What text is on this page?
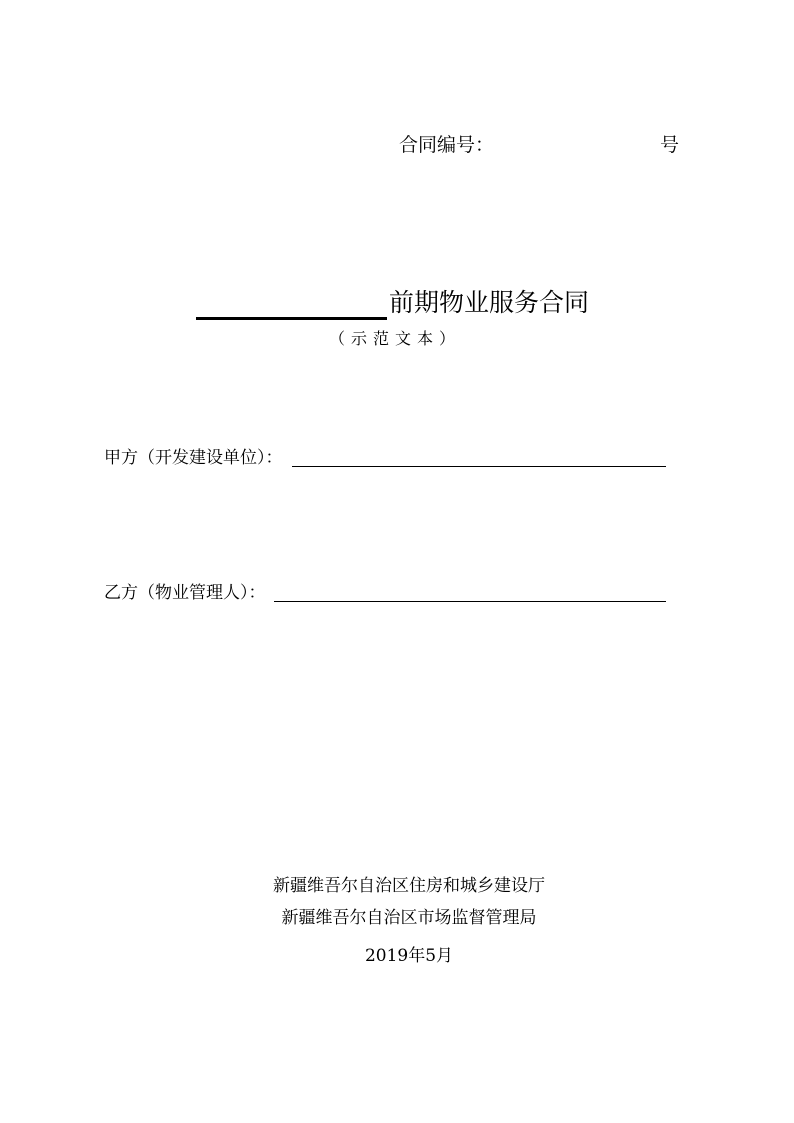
合同编号：	号
前期物业服务合同
（示范文本）
甲方（开发建设单位）：
乙方（物业管理人）：
新疆维吾尔自治区住房和城乡建设厅
新疆维吾尔自治区市场监督管理局
2019年5月
